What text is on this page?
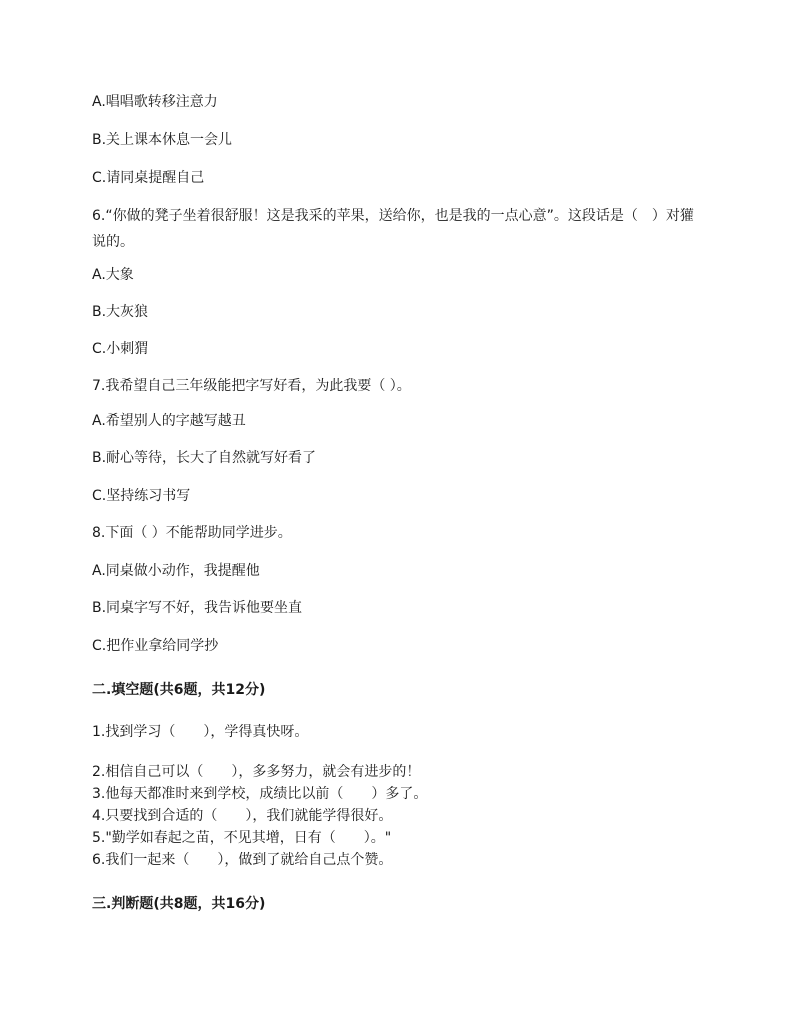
A.唱唱歌转移注意力
B.关上课本休息一会儿
C.请同桌提醒自己
6.“你做的凳子坐着很舒服！这是我采的苹果，送给你，也是我的一点心意”。这段话是（　）对獾说的。
A.大象
B.大灰狼
C.小刺猬
7.我希望自己三年级能把字写好看，为此我要（ ）。
A.希望别人的字越写越丑
B.耐心等待，长大了自然就写好看了
C.坚持练习书写
8.下面（ ）不能帮助同学进步。
A.同桌做小动作，我提醒他
B.同桌字写不好，我告诉他要坐直
C.把作业拿给同学抄
二.填空题(共6题，共12分)
1.找到学习（　　），学得真快呀。
2.相信自己可以（　　），多多努力，就会有进步的！
3.他每天都准时来到学校，成绩比以前（　　）多了。
4.只要找到合适的（　　），我们就能学得很好。
5."勤学如春起之苗，不见其增，日有（　　）。"
6.我们一起来（　　），做到了就给自己点个赞。
三.判断题(共8题，共16分)
